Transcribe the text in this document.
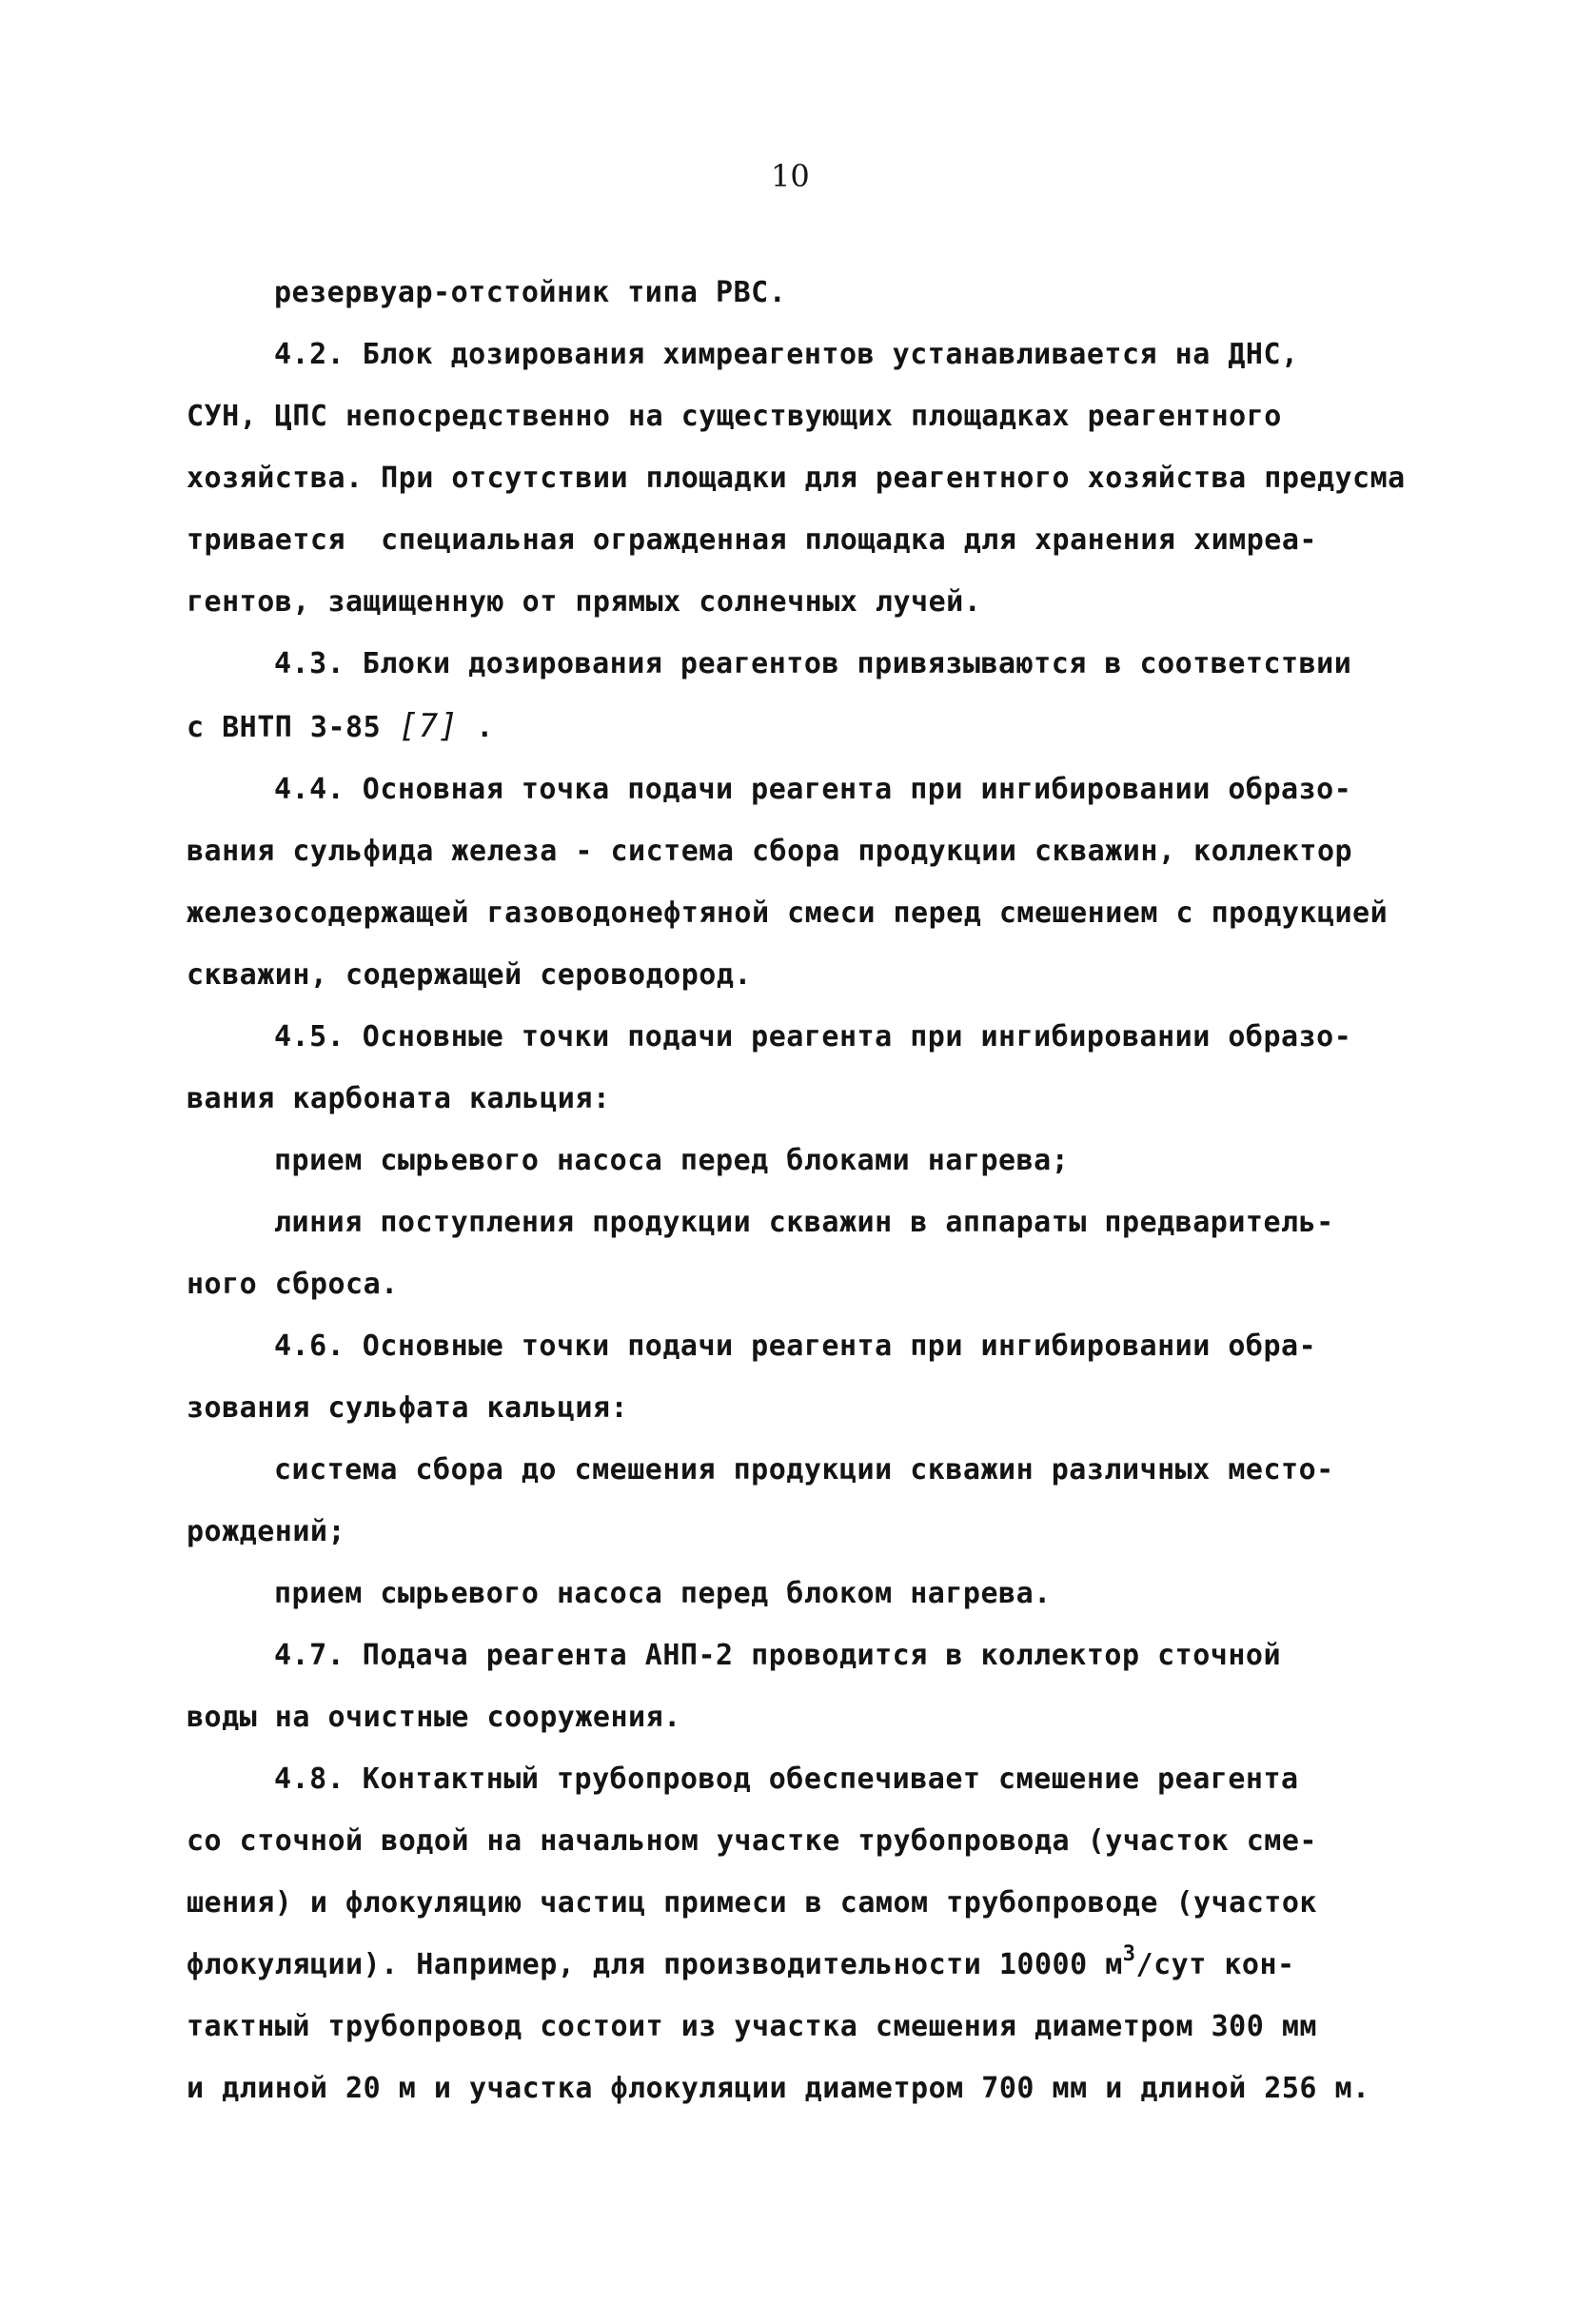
10
резервуар-отстойник типа РВС.
4.2. Блок дозирования химреагентов устанавливается на ДНС,
СУН, ЦПС непосредственно на существующих площадках реагентного
хозяйства. При отсутствии площадки для реагентного хозяйства предусма
тривается  специальная огражденная площадка для хранения химреа-
гентов, защищенную от прямых солнечных лучей.
4.3. Блоки дозирования реагентов привязываются в соответствии
с ВНТП 3-85 [7] .
4.4. Основная точка подачи реагента при ингибировании образо-
вания сульфида железа - система сбора продукции скважин, коллектор
железосодержащей газоводонефтяной смеси перед смешением с продукцией
скважин, содержащей сероводород.
4.5. Основные точки подачи реагента при ингибировании образо-
вания карбоната кальция:
прием сырьевого насоса перед блоками нагрева;
линия поступления продукции скважин в аппараты предваритель-
ного сброса.
4.6. Основные точки подачи реагента при ингибировании обра-
зования сульфата кальция:
система сбора до смешения продукции скважин различных место-
рождений;
прием сырьевого насоса перед блоком нагрева.
4.7. Подача реагента АНП-2 проводится в коллектор сточной
воды на очистные сооружения.
4.8. Контактный трубопровод обеспечивает смешение реагента
со сточной водой на начальном участке трубопровода (участок сме-
шения) и флокуляцию частиц примеси в самом трубопроводе (участок
флокуляции). Например, для производительности 10000 $м^3$/сут кон-
тактный трубопровод состоит из участка смешения диаметром 300 мм
и длиной 20 м и участка флокуляции диаметром 700 мм и длиной 256 м.
